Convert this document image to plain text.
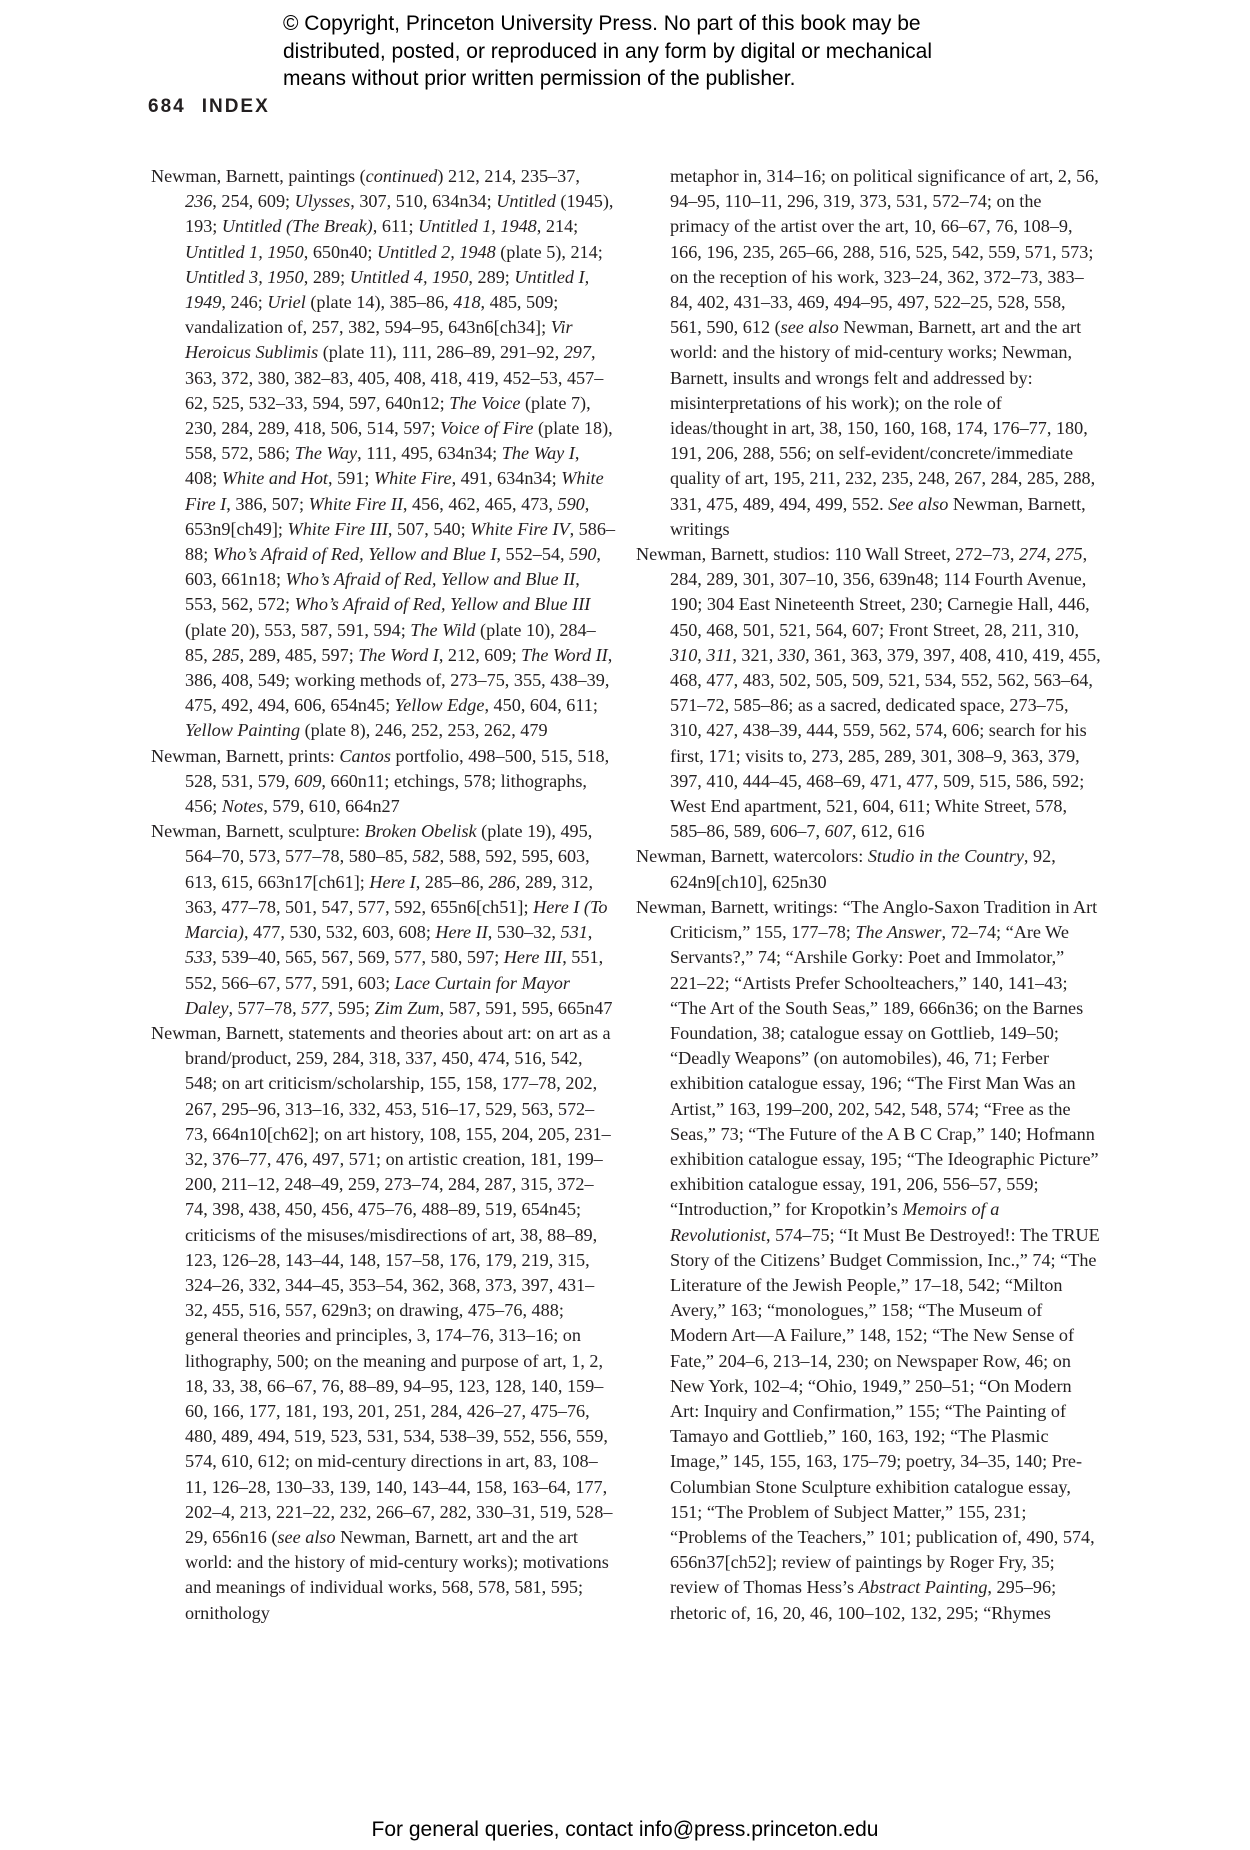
© Copyright, Princeton University Press. No part of this book may be
distributed, posted, or reproduced in any form by digital or mechanical
means without prior written permission of the publisher.
684 INDEX
Newman, Barnett, paintings (continued) 212, 214, 235–37, 236, 254, 609; Ulysses, 307, 510, 634n34; Untitled (1945), 193; Untitled (The Break), 611; Untitled 1, 1948, 214; Untitled 1, 1950, 650n40; Untitled 2, 1948 (plate 5), 214; Untitled 3, 1950, 289; Untitled 4, 1950, 289; Untitled I, 1949, 246; Uriel (plate 14), 385–86, 418, 485, 509; vandalization of, 257, 382, 594–95, 643n6[ch34]; Vir Heroicus Sublimis (plate 11), 111, 286–89, 291–92, 297, 363, 372, 380, 382–83, 405, 408, 418, 419, 452–53, 457–62, 525, 532–33, 594, 597, 640n12; The Voice (plate 7), 230, 284, 289, 418, 506, 514, 597; Voice of Fire (plate 18), 558, 572, 586; The Way, 111, 495, 634n34; The Way I, 408; White and Hot, 591; White Fire, 491, 634n34; White Fire I, 386, 507; White Fire II, 456, 462, 465, 473, 590, 653n9[ch49]; White Fire III, 507, 540; White Fire IV, 586–88; Who’s Afraid of Red, Yellow and Blue I, 552–54, 590, 603, 661n18; Who’s Afraid of Red, Yellow and Blue II, 553, 562, 572; Who’s Afraid of Red, Yellow and Blue III (plate 20), 553, 587, 591, 594; The Wild (plate 10), 284–85, 285, 289, 485, 597; The Word I, 212, 609; The Word II, 386, 408, 549; working methods of, 273–75, 355, 438–39, 475, 492, 494, 606, 654n45; Yellow Edge, 450, 604, 611; Yellow Painting (plate 8), 246, 252, 253, 262, 479
Newman, Barnett, prints: Cantos portfolio, 498–500, 515, 518, 528, 531, 579, 609, 660n11; etchings, 578; lithographs, 456; Notes, 579, 610, 664n27
Newman, Barnett, sculpture: Broken Obelisk (plate 19), 495, 564–70, 573, 577–78, 580–85, 582, 588, 592, 595, 603, 613, 615, 663n17[ch61]; Here I, 285–86, 286, 289, 312, 363, 477–78, 501, 547, 577, 592, 655n6[ch51]; Here I (To Marcia), 477, 530, 532, 603, 608; Here II, 530–32, 531, 533, 539–40, 565, 567, 569, 577, 580, 597; Here III, 551, 552, 566–67, 577, 591, 603; Lace Curtain for Mayor Daley, 577–78, 577, 595; Zim Zum, 587, 591, 595, 665n47
Newman, Barnett, statements and theories about art: on art as a brand/product, 259, 284, 318, 337, 450, 474, 516, 542, 548; on art criticism/scholarship, 155, 158, 177–78, 202, 267, 295–96, 313–16, 332, 453, 516–17, 529, 563, 572–73, 664n10[ch62]; on art history, 108, 155, 204, 205, 231–32, 376–77, 476, 497, 571; on artistic creation, 181, 199–200, 211–12, 248–49, 259, 273–74, 284, 287, 315, 372–74, 398, 438, 450, 456, 475–76, 488–89, 519, 654n45; criticisms of the misuses/misdirections of art, 38, 88–89, 123, 126–28, 143–44, 148, 157–58, 176, 179, 219, 315, 324–26, 332, 344–45, 353–54, 362, 368, 373, 397, 431–32, 455, 516, 557, 629n3; on drawing, 475–76, 488; general theories and principles, 3, 174–76, 313–16; on lithography, 500; on the meaning and purpose of art, 1, 2, 18, 33, 38, 66–67, 76, 88–89, 94–95, 123, 128, 140, 159–60, 166, 177, 181, 193, 201, 251, 284, 426–27, 475–76, 480, 489, 494, 519, 523, 531, 534, 538–39, 552, 556, 559, 574, 610, 612; on mid-century directions in art, 83, 108–11, 126–28, 130–33, 139, 140, 143–44, 158, 163–64, 177, 202–4, 213, 221–22, 232, 266–67, 282, 330–31, 519, 528–29, 656n16 (see also Newman, Barnett, art and the art world: and the history of mid-century works); motivations and meanings of individual works, 568, 578, 581, 595; ornithology
metaphor in, 314–16; on political significance of art, 2, 56, 94–95, 110–11, 296, 319, 373, 531, 572–74; on the primacy of the artist over the art, 10, 66–67, 76, 108–9, 166, 196, 235, 265–66, 288, 516, 525, 542, 559, 571, 573; on the reception of his work, 323–24, 362, 372–73, 383–84, 402, 431–33, 469, 494–95, 497, 522–25, 528, 558, 561, 590, 612 (see also Newman, Barnett, art and the art world: and the history of mid-century works; Newman, Barnett, insults and wrongs felt and addressed by: misinterpretations of his work); on the role of ideas/thought in art, 38, 150, 160, 168, 174, 176–77, 180, 191, 206, 288, 556; on self-evident/concrete/immediate quality of art, 195, 211, 232, 235, 248, 267, 284, 285, 288, 331, 475, 489, 494, 499, 552. See also Newman, Barnett, writings
Newman, Barnett, studios: 110 Wall Street, 272–73, 274, 275, 284, 289, 301, 307–10, 356, 639n48; 114 Fourth Avenue, 190; 304 East Nineteenth Street, 230; Carnegie Hall, 446, 450, 468, 501, 521, 564, 607; Front Street, 28, 211, 310, 310, 311, 321, 330, 361, 363, 379, 397, 408, 410, 419, 455, 468, 477, 483, 502, 505, 509, 521, 534, 552, 562, 563–64, 571–72, 585–86; as a sacred, dedicated space, 273–75, 310, 427, 438–39, 444, 559, 562, 574, 606; search for his first, 171; visits to, 273, 285, 289, 301, 308–9, 363, 379, 397, 410, 444–45, 468–69, 471, 477, 509, 515, 586, 592; West End apartment, 521, 604, 611; White Street, 578, 585–86, 589, 606–7, 607, 612, 616
Newman, Barnett, watercolors: Studio in the Country, 92, 624n9[ch10], 625n30
Newman, Barnett, writings: “The Anglo-Saxon Tradition in Art Criticism,” 155, 177–78; The Answer, 72–74; “Are We Servants?,” 74; “Arshile Gorky: Poet and Immolator,” 221–22; “Artists Prefer Schoolteachers,” 140, 141–43; “The Art of the South Seas,” 189, 666n36; on the Barnes Foundation, 38; catalogue essay on Gottlieb, 149–50; “Deadly Weapons” (on automobiles), 46, 71; Ferber exhibition catalogue essay, 196; “The First Man Was an Artist,” 163, 199–200, 202, 542, 548, 574; “Free as the Seas,” 73; “The Future of the A B C Crap,” 140; Hofmann exhibition catalogue essay, 195; “The Ideographic Picture” exhibition catalogue essay, 191, 206, 556–57, 559; “Introduction,” for Kropotkin’s Memoirs of a Revolutionist, 574–75; “It Must Be Destroyed!: The TRUE Story of the Citizens’ Budget Commission, Inc.,” 74; “The Literature of the Jewish People,” 17–18, 542; “Milton Avery,” 163; “monologues,” 158; “The Museum of Modern Art—A Failure,” 148, 152; “The New Sense of Fate,” 204–6, 213–14, 230; on Newspaper Row, 46; on New York, 102–4; “Ohio, 1949,” 250–51; “On Modern Art: Inquiry and Confirmation,” 155; “The Painting of Tamayo and Gottlieb,” 160, 163, 192; “The Plasmic Image,” 145, 155, 163, 175–79; poetry, 34–35, 140; Pre-Columbian Stone Sculpture exhibition catalogue essay, 151; “The Problem of Subject Matter,” 155, 231; “Problems of the Teachers,” 101; publication of, 490, 574, 656n37[ch52]; review of paintings by Roger Fry, 35; review of Thomas Hess’s Abstract Painting, 295–96; rhetoric of, 16, 20, 46, 100–102, 132, 295; “Rhymes
For general queries, contact info@press.princeton.edu
